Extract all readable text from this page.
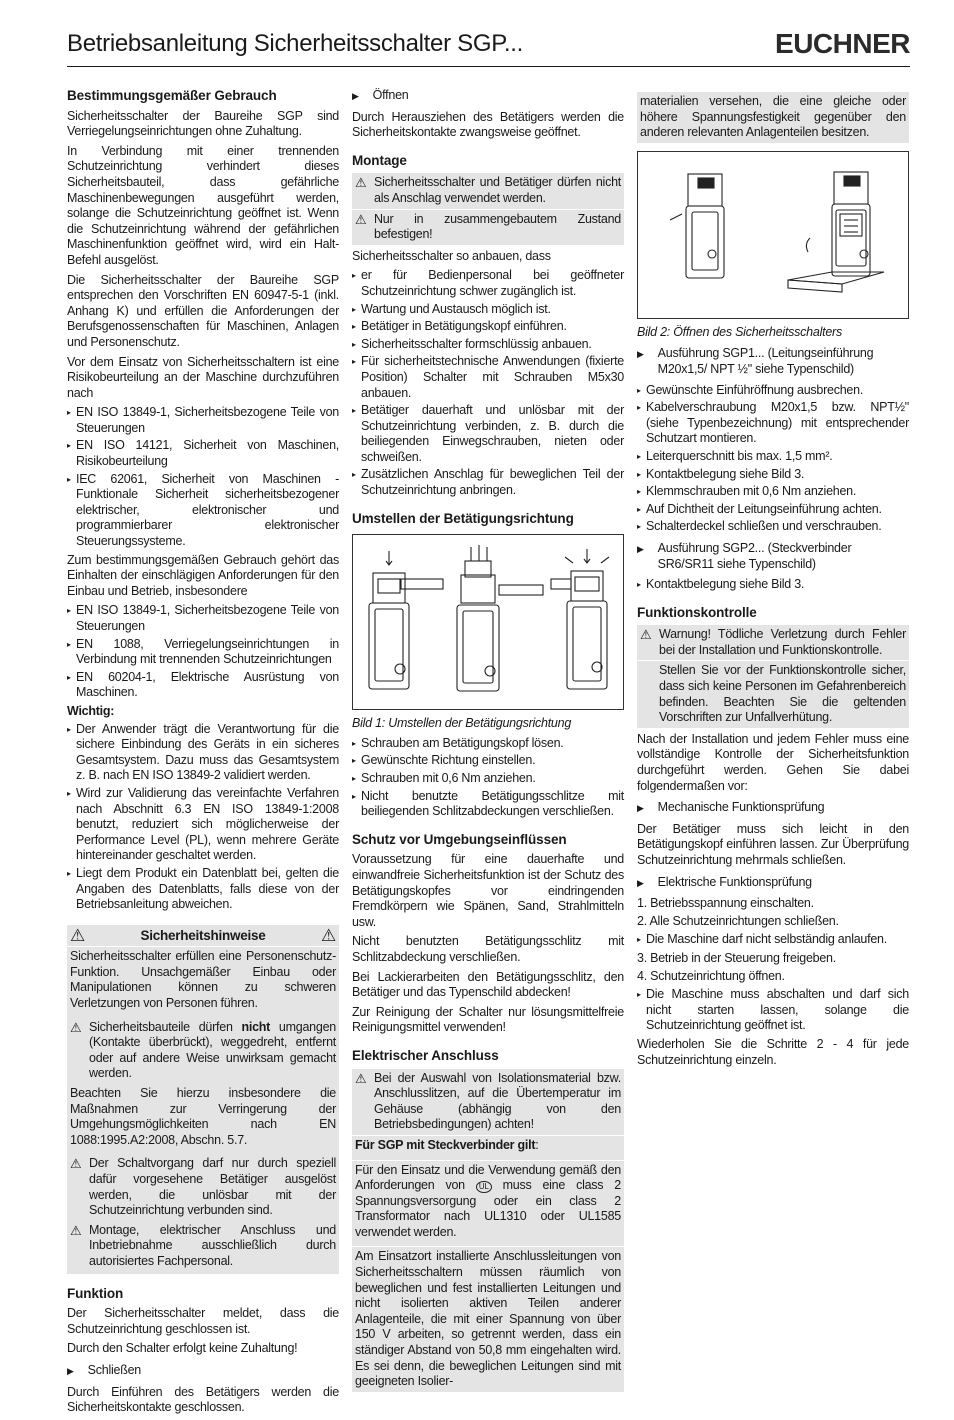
Betriebsanleitung Sicherheitsschalter SGP...	EUCHNER
Bestimmungsgemäßer Gebrauch

Sicherheitsschalter der Baureihe SGP sind Verriegelungseinrichtungen ohne Zuhaltung.

In Verbindung mit einer trennenden Schutzeinrichtung verhindert dieses Sicherheitsbauteil, dass gefährliche Maschinenbewegungen ausgeführt werden, solange die Schutzeinrichtung geöffnet ist. Wenn die Schutzeinrichtung während der gefährlichen Maschinenfunktion geöffnet wird, wird ein Halt-Befehl ausgelöst.

Die Sicherheitsschalter der Baureihe SGP entsprechen den Vorschriften EN 60947-5-1 (inkl. Anhang K) und erfüllen die Anforderungen der Berufsgenossenschaften für Maschinen, Anlagen und Personenschutz.

Vor dem Einsatz von Sicherheitsschaltern ist eine Risikobeurteilung an der Maschine durchzuführen nach

▸ EN ISO 13849-1, Sicherheitsbezogene Teile von Steuerungen
▸ EN ISO 14121, Sicherheit von Maschinen, Risikobeurteilung
▸ IEC 62061, Sicherheit von Maschinen - Funktionale Sicherheit sicherheitsbezogener elektrischer, elektronischer und programmierbarer elektronischer Steuerungssysteme.

Zum bestimmungsgemäßen Gebrauch gehört das Einhalten der einschlägigen Anforderungen für den Einbau und Betrieb, insbesondere

▸ EN ISO 13849-1, Sicherheitsbezogene Teile von Steuerungen
▸ EN 1088, Verriegelungseinrichtungen in Verbindung mit trennenden Schutzeinrichtungen
▸ EN 60204-1, Elektrische Ausrüstung von Maschinen.

Wichtig:

▸ Der Anwender trägt die Verantwortung für die sichere Einbindung des Geräts in ein sicheres Gesamtsystem. Dazu muss das Gesamtsystem z. B. nach EN ISO 13849-2 validiert werden.
▸ Wird zur Validierung das vereinfachte Verfahren nach Abschnitt 6.3 EN ISO 13849-1:2008 benutzt, reduziert sich möglicherweise der Performance Level (PL), wenn mehrere Geräte hintereinander geschaltet werden.
▸ Liegt dem Produkt ein Datenblatt bei, gelten die Angaben des Datenblatts, falls diese von der Betriebsanleitung abweichen.
⚠	Sicherheitshinweise	⚠

Sicherheitsschalter erfüllen eine Personenschutz-Funktion. Unsachgemäßer Einbau oder Manipulationen können zu schweren Verletzungen von Personen führen.

⚠ Sicherheitsbauteile dürfen nicht umgangen (Kontakte überbrückt), weggedreht, entfernt oder auf andere Weise unwirksam gemacht werden.

Beachten Sie hierzu insbesondere die Maßnahmen zur Verringerung der Umgehungsmöglichkeiten nach EN 1088:1995.A2:2008, Abschn. 5.7.

⚠ Der Schaltvorgang darf nur durch speziell dafür vorgesehene Betätiger ausgelöst werden, die unlösbar mit der Schutzeinrichtung verbunden sind.
⚠ Montage, elektrischer Anschluss und Inbetriebnahme ausschließlich durch autorisiertes Fachpersonal.
Funktion

Der Sicherheitsschalter meldet, dass die Schutzeinrichtung geschlossen ist.

Durch den Schalter erfolgt keine Zuhaltung!

▶ Schließen

Durch Einführen des Betätigers werden die Sicherheitskontakte geschlossen.

▶ Öffnen

Durch Herausziehen des Betätigers werden die Sicherheitskontakte zwangsweise geöffnet.

Montage
⚠ Sicherheitsschalter und Betätiger dürfen nicht als Anschlag verwendet werden.
⚠ Nur in zusammengebautem Zustand befestigen!

Sicherheitsschalter so anbauen, dass

▸ er für Bedienpersonal bei geöffneter Schutzeinrichtung schwer zugänglich ist.
▸ Wartung und Austausch möglich ist.
▸ Betätiger in Betätigungskopf einführen.
▸ Sicherheitsschalter formschlüssig anbauen.
▸ Für sicherheitstechnische Anwendungen (fixierte Position) Schalter mit Schrauben M5x30 anbauen.
▸ Betätiger dauerhaft und unlösbar mit der Schutzeinrichtung verbinden, z. B. durch die beiliegenden Einwegschrauben, nieten oder schweißen.
▸ Zusätzlichen Anschlag für beweglichen Teil der Schutzeinrichtung anbringen.
Umstellen der Betätigungsrichtung

Bild 1: Umstellen der Betätigungsrichtung

▸ Schrauben am Betätigungskopf lösen.
▸ Gewünschte Richtung einstellen.
▸ Schrauben mit 0,6 Nm anziehen.
▸ Nicht benutzte Betätigungsschlitze mit beiliegenden Schlitzabdeckungen verschließen.
Schutz vor Umgebungseinflüssen

Voraussetzung für eine dauerhafte und einwandfreie Sicherheitsfunktion ist der Schutz des Betätigungskopfes vor eindringenden Fremdkörpern wie Spänen, Sand, Strahlmitteln usw.

Nicht benutzten Betätigungsschlitz mit Schlitzabdeckung verschließen.

Bei Lackierarbeiten den Betätigungsschlitz, den Betätiger und das Typenschild abdecken!

Zur Reinigung der Schalter nur lösungsmittelfreie Reinigungsmittel verwenden!

Elektrischer Anschluss
⚠ Bei der Auswahl von Isolationsmaterial bzw. Anschlusslitzen, auf die Übertemperatur im Gehäuse (abhängig von den Betriebsbedingungen) achten!

Für SGP mit Steckverbinder gilt:

Für den Einsatz und die Verwendung gemäß den Anforderungen von UL muss eine class 2 Spannungsversorgung oder ein class 2 Transformator nach UL1310 oder UL1585 verwendet werden.

Am Einsatzort installierte Anschlussleitungen von Sicherheitsschaltern müssen räumlich von beweglichen und fest installierten Leitungen und nicht isolierten aktiven Teilen anderer Anlagenteile, die mit einer Spannung von über 150 V arbeiten, so getrennt werden, dass ein ständiger Abstand von 50,8 mm eingehalten wird. Es sei denn, die beweglichen Leitungen sind mit geeigneten Isolier-

materialien versehen, die eine gleiche oder höhere Spannungsfestigkeit gegenüber den anderen relevanten Anlagenteilen besitzen.

Bild 2: Öffnen des Sicherheitsschalters

▶ Ausführung SGP1... (Leitungseinführung M20x1,5/ NPT ½" siehe Typenschild)
▸ Gewünschte Einführöffnung ausbrechen.
▸ Kabelverschraubung M20x1,5 bzw. NPT½" (siehe Typenbezeichnung) mit entsprechender Schutzart montieren.
▸ Leiterquerschnitt bis max. 1,5 mm².
▸ Kontaktbelegung siehe Bild 3.
▸ Klemmschrauben mit 0,6 Nm anziehen.
▸ Auf Dichtheit der Leitungseinführung achten.
▸ Schalterdeckel schließen und verschrauben.
▶ Ausführung SGP2... (Steckverbinder SR6/SR11 siehe Typenschild)
▸ Kontaktbelegung siehe Bild 3.
Funktionskontrolle
⚠ Warnung! Tödliche Verletzung durch Fehler bei der Installation und Funktionskontrolle.
Stellen Sie vor der Funktionskontrolle sicher, dass sich keine Personen im Gefahrenbereich befinden. Beachten Sie die geltenden Vorschriften zur Unfallverhütung.

Nach der Installation und jedem Fehler muss eine vollständige Kontrolle der Sicherheitsfunktion durchgeführt werden. Gehen Sie dabei folgendermaßen vor:

▶ Mechanische Funktionsprüfung

Der Betätiger muss sich leicht in den Betätigungskopf einführen lassen. Zur Überprüfung Schutzeinrichtung mehrmals schließen.

▶ Elektrische Funktionsprüfung
1. Betriebsspannung einschalten.
2. Alle Schutzeinrichtungen schließen.
▸ Die Maschine darf nicht selbständig anlaufen.
3. Betrieb in der Steuerung freigeben.
4. Schutzeinrichtung öffnen.
▸ Die Maschine muss abschalten und darf sich nicht starten lassen, solange die Schutzeinrichtung geöffnet ist.

Wiederholen Sie die Schritte 2 - 4 für jede Schutzeinrichtung einzeln.
